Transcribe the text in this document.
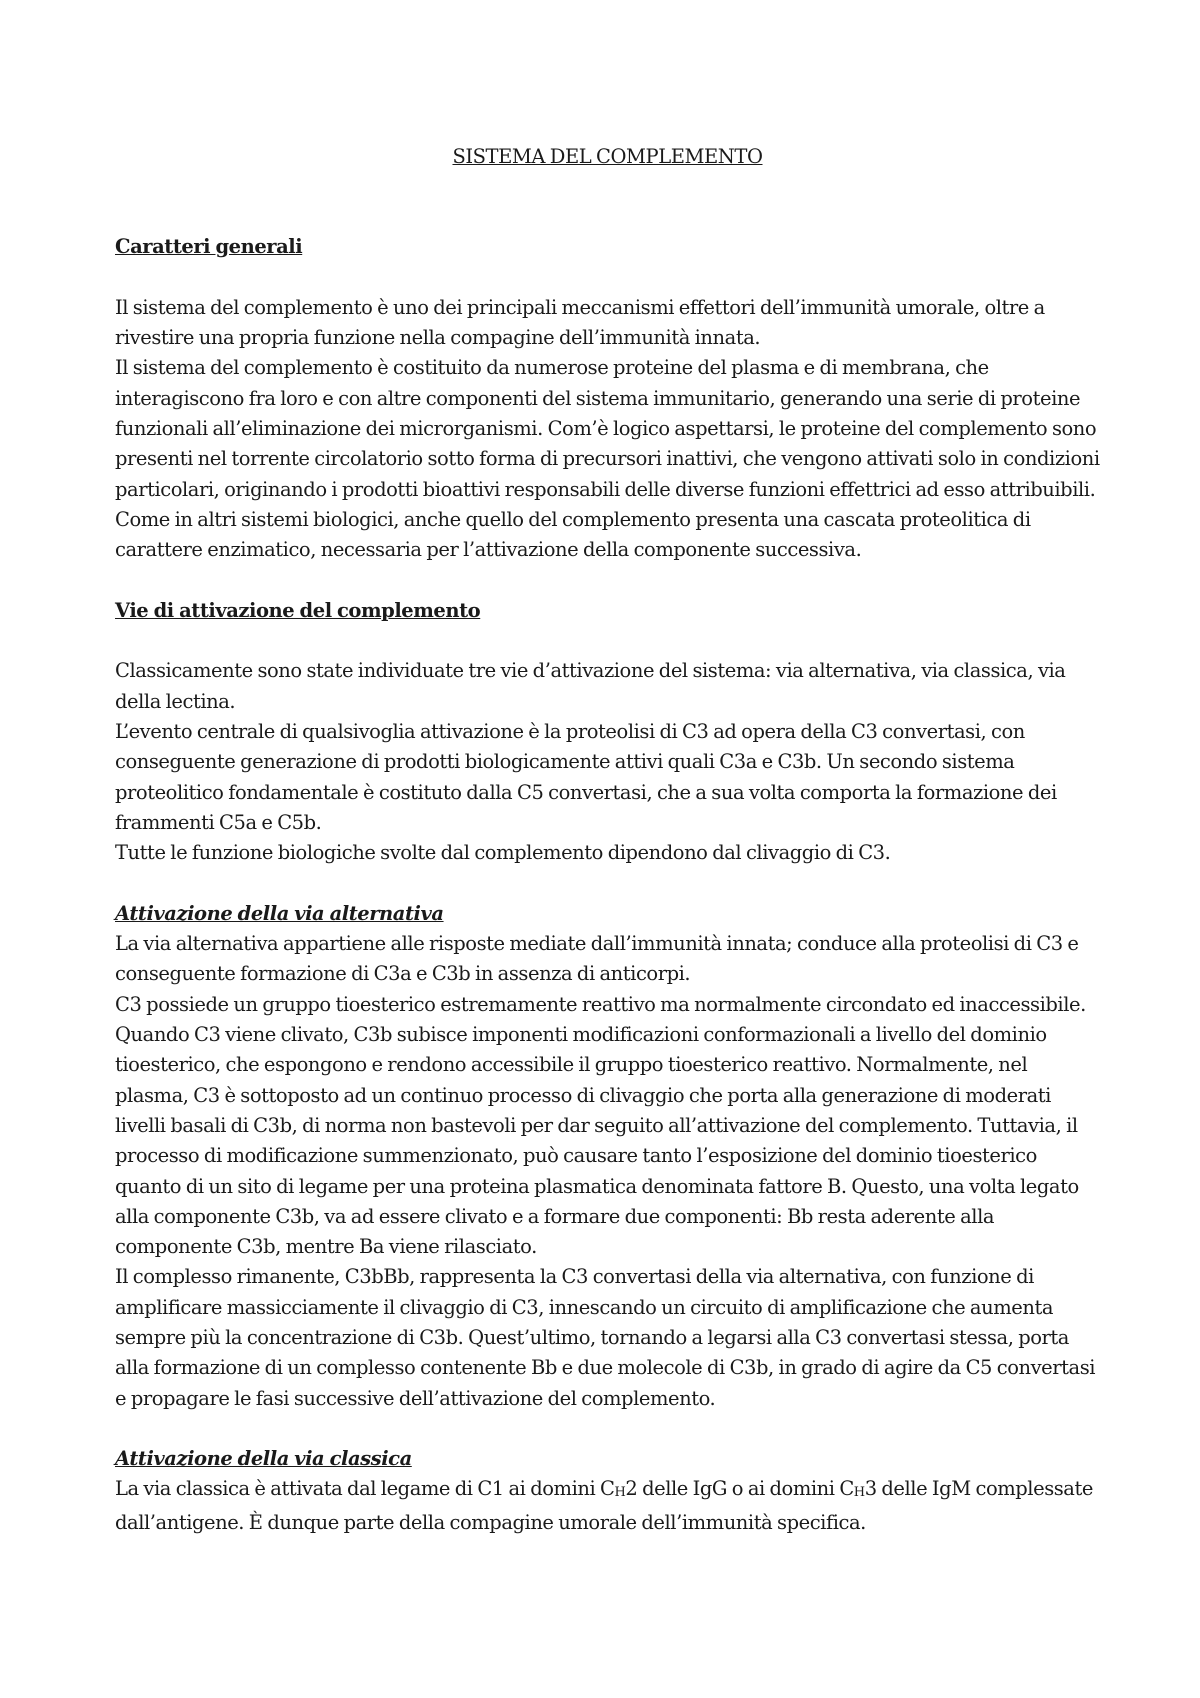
SISTEMA DEL COMPLEMENTO
Caratteri generali

Il sistema del complemento è uno dei principali meccanismi effettori dell’immunità umorale, oltre a rivestire una propria funzione nella compagine dell’immunità innata.

Il sistema del complemento è costituito da numerose proteine del plasma e di membrana, che interagiscono fra loro e con altre componenti del sistema immunitario, generando una serie di proteine funzionali all’eliminazione dei microrganismi. Com’è logico aspettarsi, le proteine del complemento sono presenti nel torrente circolatorio sotto forma di precursori inattivi, che vengono attivati solo in condizioni particolari, originando i prodotti bioattivi responsabili delle diverse funzioni effettrici ad esso attribuibili.

Come in altri sistemi biologici, anche quello del complemento presenta una cascata proteolitica di carattere enzimatico, necessaria per l’attivazione della componente successiva.

Vie di attivazione del complemento

Classicamente sono state individuate tre vie d’attivazione del sistema: via alternativa, via classica, via della lectina.

L’evento centrale di qualsivoglia attivazione è la proteolisi di C3 ad opera della C3 convertasi, con conseguente generazione di prodotti biologicamente attivi quali C3a e C3b. Un secondo sistema proteolitico fondamentale è costituto dalla C5 convertasi, che a sua volta comporta la formazione dei frammenti C5a e C5b.

Tutte le funzione biologiche svolte dal complemento dipendono dal clivaggio di C3.

Attivazione della via alternativa

La via alternativa appartiene alle risposte mediate dall’immunità innata; conduce alla proteolisi di C3 e conseguente formazione di C3a e C3b in assenza di anticorpi.

C3 possiede un gruppo tioesterico estremamente reattivo ma normalmente circondato ed inaccessibile. Quando C3 viene clivato, C3b subisce imponenti modificazioni conformazionali a livello del dominio tioesterico, che espongono e rendono accessibile il gruppo tioesterico reattivo. Normalmente, nel plasma, C3 è sottoposto ad un continuo processo di clivaggio che porta alla generazione di moderati livelli basali di C3b, di norma non bastevoli per dar seguito all’attivazione del complemento. Tuttavia, il processo di modificazione summenzionato, può causare tanto l’esposizione del dominio tioesterico quanto di un sito di legame per una proteina plasmatica denominata fattore B. Questo, una volta legato alla componente C3b, va ad essere clivato e a formare due componenti: Bb resta aderente alla componente C3b, mentre Ba viene rilasciato.

Il complesso rimanente, C3bBb, rappresenta la C3 convertasi della via alternativa, con funzione di amplificare massicciamente il clivaggio di C3, innescando un circuito di amplificazione che aumenta sempre più la concentrazione di C3b. Quest’ultimo, tornando a legarsi alla C3 convertasi stessa, porta alla formazione di un complesso contenente Bb e due molecole di C3b, in grado di agire da C5 convertasi e propagare le fasi successive dell’attivazione del complemento.

Attivazione della via classica

La via classica è attivata dal legame di C1 ai domini $C_H2$ delle IgG o ai domini $C_H3$ delle IgM complessate dall’antigene. È dunque parte della compagine umorale dell’immunità specifica.
